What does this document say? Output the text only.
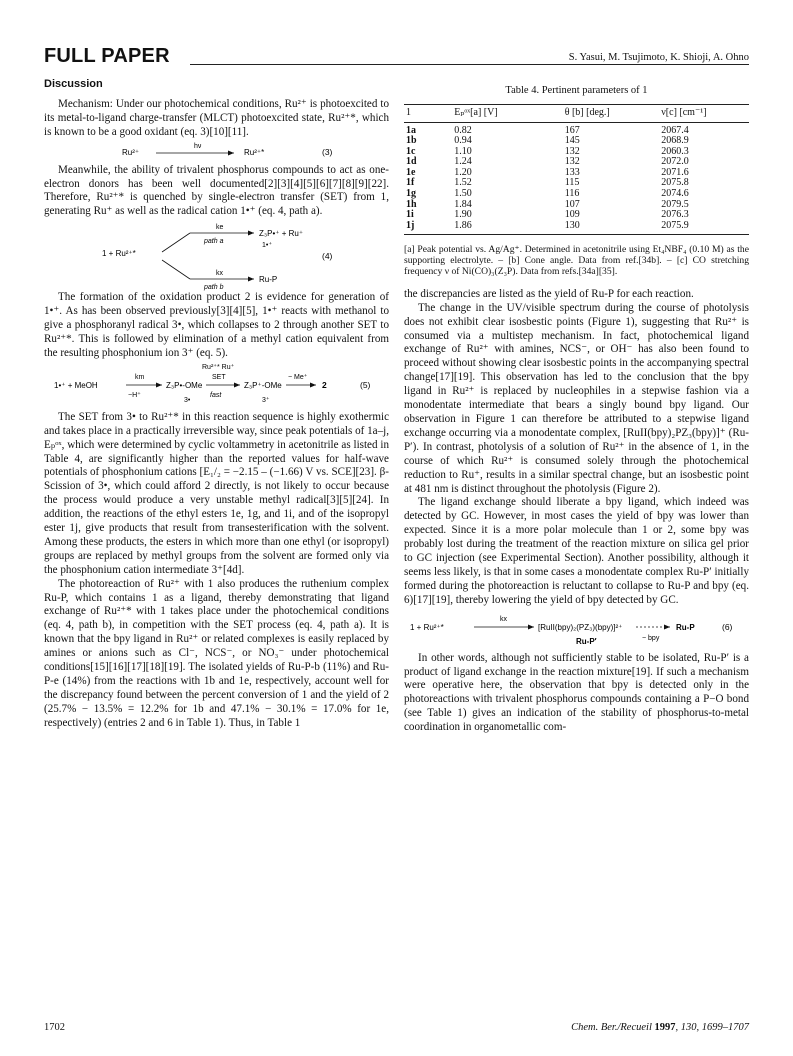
FULL PAPER	S. Yasui, M. Tsujimoto, K. Shioji, A. Ohno
Discussion

Mechanism: Under our photochemical conditions, Ru²⁺ is photoexcited to its metal-to-ligand charge-transfer (MLCT) photoexcited state, Ru²⁺*, which is known to be a good oxidant (eq. 3)[10][11].

Ru²⁺
hν
Ru²⁺*	(3)

Meanwhile, the ability of trivalent phosphorus compounds to act as one-electron donors has been well documented[2][3][4][5][6][7][8][9][22]. Therefore, Ru²⁺* is quenched by single-electron transfer (SET) from 1, generating Ru⁺ as well as the radical cation 1•⁺ (eq. 4, path a).

1 + Ru²⁺*
ke
path a
Z₃P•⁺ + Ru⁺
1•⁺
kx
path b
Ru-P
(4)

The formation of the oxidation product 2 is evidence for generation of 1•⁺. As has been observed previously[3][4][5], 1•⁺ reacts with methanol to give a phosphoranyl radical 3•, which collapses to 2 through another SET to Ru²⁺*. This is followed by elimination of a methyl cation equivalent from the resulting phosphonium ion 3⁺ (eq. 5).

1•⁺ + MeOH
km
−H⁺
Z₃P•-OMe
3•
Ru²⁺* Ru⁺
SET
fast
Z₃P⁺-OMe
3⁺
− Me⁺
2	(5)

The SET from 3• to Ru²⁺* in this reaction sequence is highly exothermic and takes place in a practically irreversible way, since peak potentials of 1a–j, Eₚᵒˣ, which were determined by cyclic voltammetry in acetonitrile as listed in Table 4, are significantly higher than the reported values for half-wave potentials of phosphonium cations [E₁/₂ = −2.15 – (−1.66) V vs. SCE][23]. β-Scission of 3•, which could afford 2 directly, is not likely to occur because the process would produce a very unstable methyl radical[3][5][24]. In addition, the reactions of the ethyl esters 1e, 1g, and 1i, and of the isopropyl ester 1j, give products that result from transesterification with the solvent. Among these products, the esters in which more than one ethyl (or isopropyl) groups are replaced by methyl groups from the solvent are formed only via the phosphonium cation intermediate 3⁺[4d].

The photoreaction of Ru²⁺ with 1 also produces the ruthenium complex Ru-P, which contains 1 as a ligand, thereby demonstrating that ligand exchange of Ru²⁺* with 1 takes place under the photochemical conditions (eq. 4, path b), in competition with the SET process (eq. 4, path a). It is known that the bpy ligand in Ru²⁺ or related complexes is easily replaced by amines or anions such as Cl⁻, NCS⁻, or NO₃⁻ under photochemical conditions[15][16][17][18][19]. The isolated yields of Ru-P-b (11%) and Ru-P-e (14%) from the reactions with 1b and 1e, respectively, account well for the discrepancy found between the percent conversion of 1 and the yield of 2 (25.7% − 13.5% = 12.2% for 1b and 47.1% − 30.1% = 17.0% for 1e, respectively) (entries 2 and 6 in Table 1). Thus, in Table 1

Table 4. Pertinent parameters of 1
1	Eₚᵒˣ[a] [V]	θ [b] [deg.]	ν[c] [cm⁻¹]
1a	0.82	167	2067.4
1b	0.94	145	2068.9
1c	1.10	132	2060.3
1d	1.24	132	2072.0
1e	1.20	133	2071.6
1f	1.52	115	2075.8
1g	1.50	116	2074.6
1h	1.84	107	2079.5
1i	1.90	109	2076.3
1j	1.86	130	2075.9
[a] Peak potential vs. Ag/Ag⁺. Determined in acetonitrile using Et₄NBF₄ (0.10 M) as the supporting electrolyte. – [b] Cone angle. Data from ref.[34b]. – [c] CO stretching frequency ν of Ni(CO)₃(Z₃P). Data from refs.[34a][35].

the discrepancies are listed as the yield of Ru-P for each reaction.

The change in the UV/visible spectrum during the course of photolysis does not exhibit clear isosbestic points (Figure 1), suggesting that Ru²⁺ is consumed via a multistep mechanism. In fact, photochemical ligand exchange of Ru²⁺ with amines, NCS⁻, or OH⁻ has also been found to proceed without showing clear isosbestic points in the accompanying spectral change[17][19]. This observation has led to the conclusion that the bpy ligand in Ru²⁺ is replaced by nucleophiles in a stepwise fashion via a monodentate intermediate that bears a singly bound bpy ligand. Our observation in Figure 1 can therefore be attributed to a stepwise ligand exchange occurring via a monodentate complex, [RuII(bpy)₂PZ₃(bpy)]⁺ (Ru-P′). In contrast, photolysis of a solution of Ru²⁺ in the absence of 1, in the course of which Ru²⁺ is consumed solely through the photochemical reduction to Ru⁺, results in a similar spectral change, but an isosbestic point at 481 nm is distinct throughout the photolysis (Figure 2).

The ligand exchange should liberate a bpy ligand, which indeed was detected by GC. However, in most cases the yield of bpy was lower than expected. Since it is a more polar molecule than 1 or 2, some bpy was probably lost during the treatment of the reaction mixture on silica gel prior to GC injection (see Experimental Section). Another possibility, although it seems less likely, is that in some cases a monodentate complex Ru-P′ initially formed during the photoreaction is reluctant to collapse to Ru-P and bpy (eq. 6)[17][19], thereby lowering the yield of bpy detected by GC.

1 + Ru²⁺*
kx
[RuII(bpy)₂(PZ₃)(bpy)]²⁺
Ru-P′	− bpy
Ru-P	(6)

In other words, although not sufficiently stable to be isolated, Ru-P′ is a product of ligand exchange in the reaction mixture[19]. If such a mechanism were operative here, the observation that bpy is detected only in the photoreactions with trivalent phosphorus compounds containing a P−O bond (see Table 1) gives an indication of the stability of phosphorus-to-metal coordination in organometallic com-

1702	Chem. Ber./Recueil 1997, 130, 1699–1707
